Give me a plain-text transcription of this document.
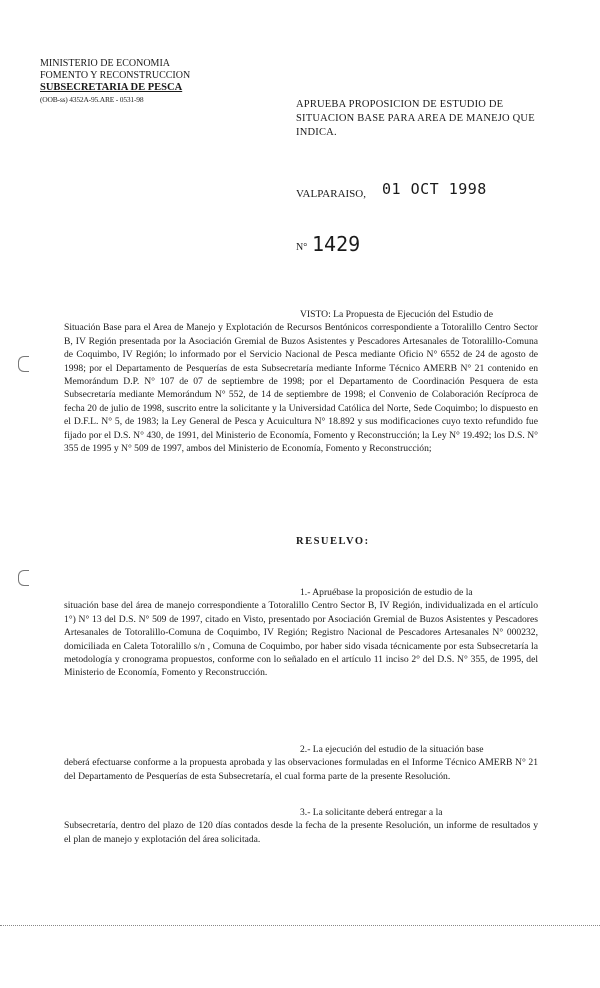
MINISTERIO DE ECONOMIA
FOMENTO Y RECONSTRUCCION
SUBSECRETARIA DE PESCA
(OOB-ss) 4352A-95.ARE - 0531-98	APRUEBA PROPOSICION DE ESTUDIO DE SITUACION BASE PARA AREA DE MANEJO QUE INDICA.
VALPARAISO, 01 OCT 1998
N° 1429
VISTO: La Propuesta de Ejecución del Estudio de
Situación Base para el Area de Manejo y Explotación de Recursos Bentónicos correspondiente a Totoralillo Centro Sector B, IV Región presentada por la Asociación Gremial de Buzos Asistentes y Pescadores Artesanales de Totoralillo-Comuna de Coquimbo, IV Región; lo informado por el Servicio Nacional de Pesca mediante Oficio N° 6552 de 24 de agosto de 1998; por el Departamento de Pesquerías de esta Subsecretaría mediante Informe Técnico AMERB N° 21 contenido en Memorándum D.P. N° 107 de 07 de septiembre de 1998; por el Departamento de Coordinación Pesquera de esta Subsecretaría mediante Memorándum N° 552, de 14 de septiembre de 1998; el Convenio de Colaboración Recíproca de fecha 20 de julio de 1998, suscrito entre la solicitante y la Universidad Católica del Norte, Sede Coquimbo; lo dispuesto en el D.F.L. N° 5, de 1983; la Ley General de Pesca y Acuicultura N° 18.892 y sus modificaciones cuyo texto refundido fue fijado por el D.S. N° 430, de 1991, del Ministerio de Economía, Fomento y Reconstrucción; la Ley N° 19.492; los D.S. N° 355 de 1995 y N° 509 de 1997, ambos del Ministerio de Economía, Fomento y Reconstrucción;
RESUELVO:
1.- Apruébase la proposición de estudio de la
situación base del área de manejo correspondiente a Totoralillo Centro Sector B, IV Región, individualizada en el artículo 1°) N° 13 del D.S. N° 509 de 1997, citado en Visto, presentado por Asociación Gremial de Buzos Asistentes y Pescadores Artesanales de Totoralillo-Comuna de Coquimbo, IV Región; Registro Nacional de Pescadores Artesanales N° 000232, domiciliada en Caleta Totoralillo s/n , Comuna de Coquimbo, por haber sido visada técnicamente por esta Subsecretaría la metodología y cronograma propuestos, conforme con lo señalado en el artículo 11 inciso 2° del D.S. N° 355, de 1995, del Ministerio de Economía, Fomento y Reconstrucción.
2.- La ejecución del estudio de la situación base
deberá efectuarse conforme a la propuesta aprobada y las observaciones formuladas en el Informe Técnico AMERB N° 21 del Departamento de Pesquerías de esta Subsecretaría, el cual forma parte de la presente Resolución.
3.- La solicitante deberá entregar a la
Subsecretaría, dentro del plazo de 120 días contados desde la fecha de la presente Resolución, un informe de resultados y el plan de manejo y explotación del área solicitada.
